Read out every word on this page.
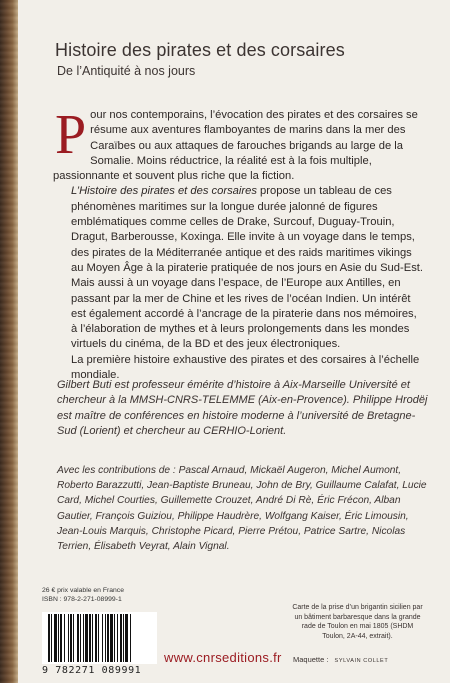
Histoire des pirates et des corsaires
De l’Antiquité à nos jours

Pour nos contemporains, l’évocation des pirates et des corsaires se résume aux aventures flamboyantes de marins dans la mer des Caraïbes ou aux attaques de farouches brigands au large de la Somalie. Moins réductrice, la réalité est à la fois multiple, passionnante et souvent plus riche que la fiction.

L’Histoire des pirates et des corsaires propose un tableau de ces phénomènes maritimes sur la longue durée jalonné de figures emblématiques comme celles de Drake, Surcouf, Duguay-Trouin, Dragut, Barberousse, Koxinga. Elle invite à un voyage dans le temps, des pirates de la Méditerranée antique et des raids maritimes vikings au Moyen Âge à la piraterie pratiquée de nos jours en Asie du Sud-Est. Mais aussi à un voyage dans l’espace, de l’Europe aux Antilles, en passant par la mer de Chine et les rives de l’océan Indien. Un intérêt est également accordé à l’ancrage de la piraterie dans nos mémoires, à l’élaboration de mythes et à leurs prolongements dans les mondes virtuels du cinéma, de la BD et des jeux électroniques.

La première histoire exhaustive des pirates et des corsaires à l’échelle mondiale.

Gilbert Buti est professeur émérite d’histoire à Aix-Marseille Université et chercheur à la MMSH-CNRS-TELEMME (Aix-en-Provence). Philippe Hrodëj est maître de conférences en histoire moderne à l’université de Bretagne-Sud (Lorient) et chercheur au CERHIO-Lorient.
Avec les contributions de : Pascal Arnaud, Mickaël Augeron, Michel Aumont, Roberto Barazzutti, Jean-Baptiste Bruneau, John de Bry, Guillaume Calafat, Lucie Card, Michel Courties, Guillemette Crouzet, André Di Rè, Éric Frécon, Alban Gautier, François Guiziou, Philippe Haudrère, Wolfgang Kaiser, Éric Limousin, Jean-Louis Marquis, Christophe Picard, Pierre Prétou, Patrice Sartre, Nicolas Terrien, Élisabeth Veyrat, Alain Vignal.
26 € prix valable en France
ISBN : 978-2-271-08999-1
9 782271 089991
www.cnrseditions.fr
Carte de la prise d’un brigantin sicilien par un bâtiment barbaresque dans la grande rade de Toulon en mai 1805 (SHDM Toulon, 2A-44, extrait).
Maquette : SYLVAIN COLLET
